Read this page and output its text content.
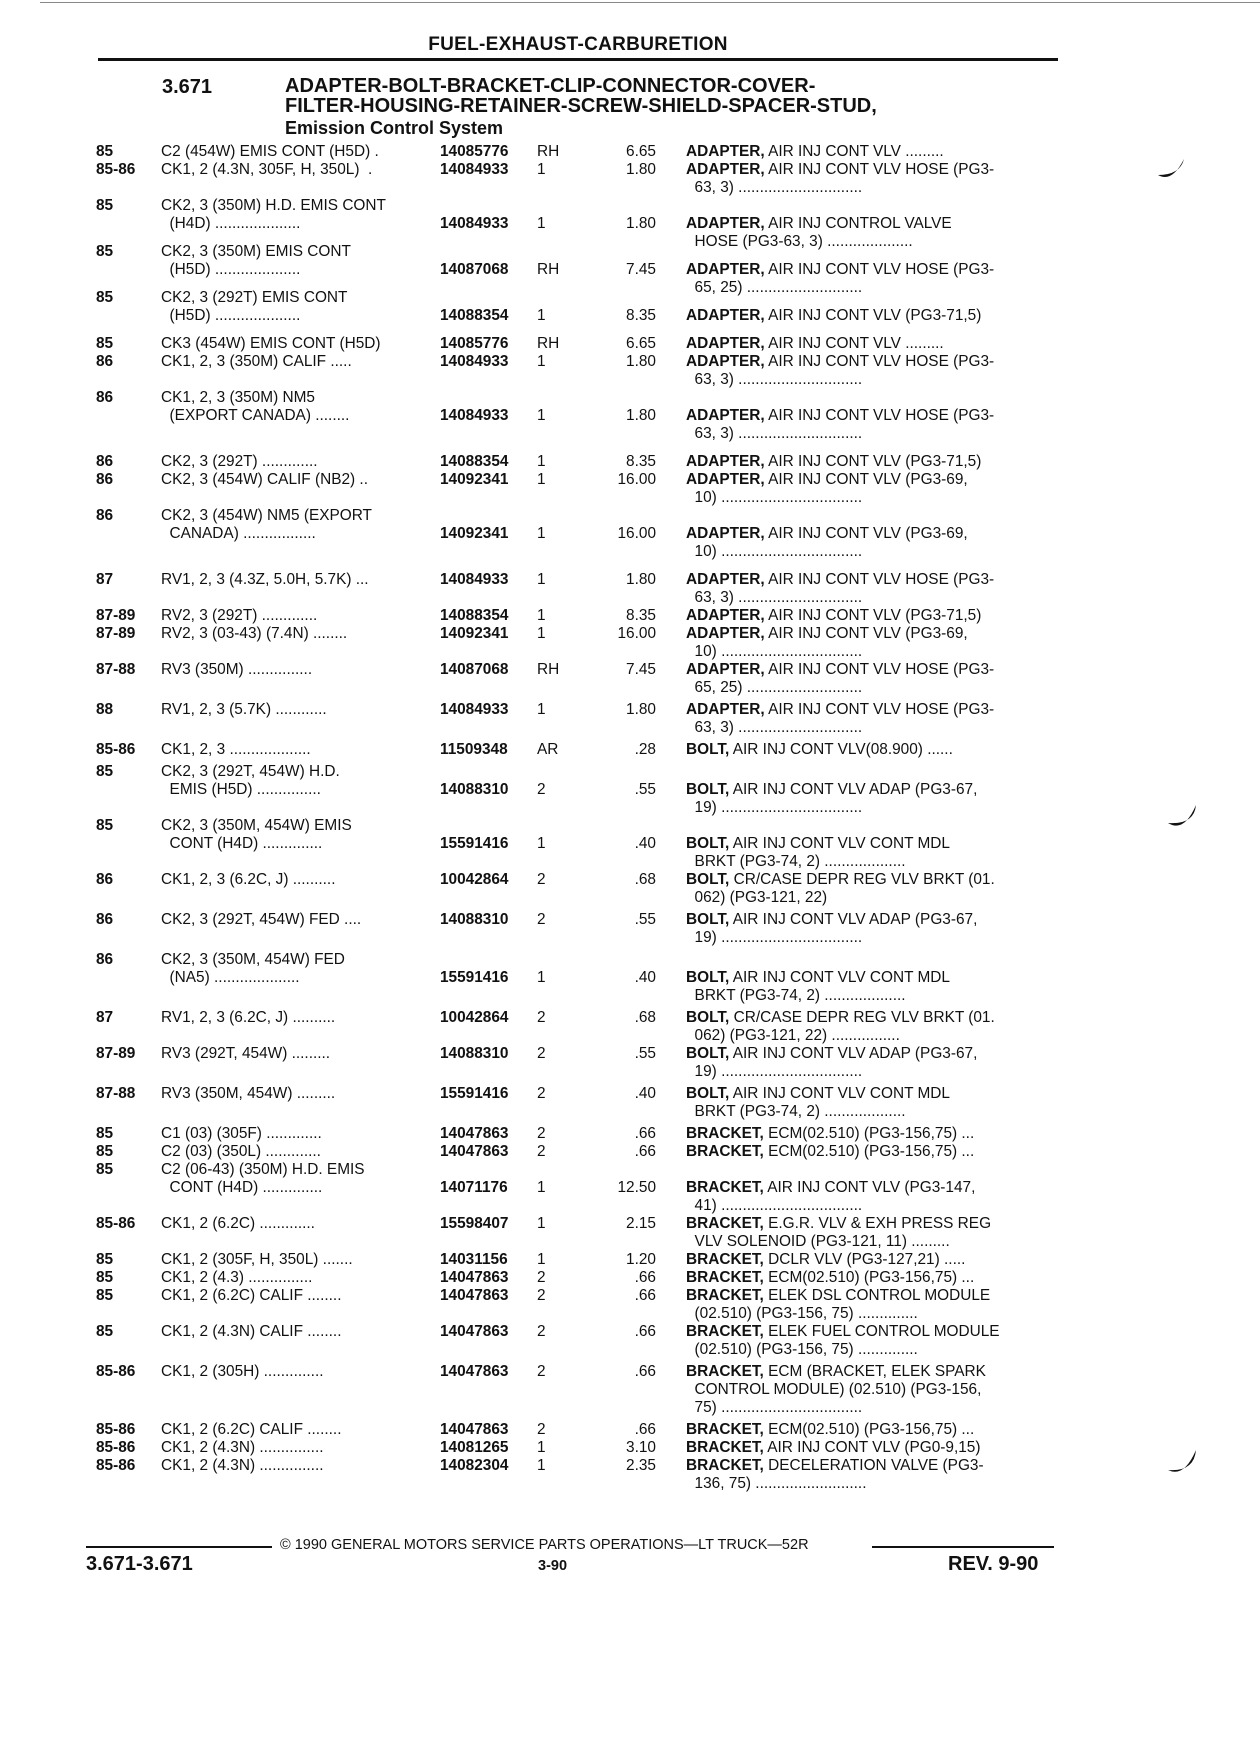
FUEL-EXHAUST-CARBURETION
3.671	ADAPTER-BOLT-BRACKET-CLIP-CONNECTOR-COVER-
FILTER-HOUSING-RETAINER-SCREW-SHIELD-SPACER-STUD,
Emission Control System
85	C2 (454W) EMIS CONT (H5D) .	14085776	RH	6.65 ADAPTER, AIR INJ CONT VLV .........
85-86	CK1, 2 (4.3N, 305F, H, 350L)  .	14084933	1	1.80 ADAPTER, AIR INJ CONT VLV HOSE (PG3-
63, 3) .............................
85	CK2, 3 (350M) H.D. EMIS CONT
(H4D) ....................	14084933	1	1.80 ADAPTER, AIR INJ CONTROL VALVE
HOSE (PG3-63, 3) ....................
85	CK2, 3 (350M) EMIS CONT
(H5D) ....................	14087068	RH	7.45 ADAPTER, AIR INJ CONT VLV HOSE (PG3-
65, 25) ...........................
85	CK2, 3 (292T) EMIS CONT
(H5D) ....................	14088354	1	8.35 ADAPTER, AIR INJ CONT VLV (PG3-71,5)
85	CK3 (454W) EMIS CONT (H5D)	14085776	RH	6.65 ADAPTER, AIR INJ CONT VLV .........
86	CK1, 2, 3 (350M) CALIF .....	14084933	1	1.80 ADAPTER, AIR INJ CONT VLV HOSE (PG3-
63, 3) .............................
86	CK1, 2, 3 (350M) NM5
(EXPORT CANADA) ........	14084933	1	1.80 ADAPTER, AIR INJ CONT VLV HOSE (PG3-
63, 3) .............................
86	CK2, 3 (292T) .............	14088354	1	8.35 ADAPTER, AIR INJ CONT VLV (PG3-71,5)
86	CK2, 3 (454W) CALIF (NB2) ..	14092341	1	16.00 ADAPTER, AIR INJ CONT VLV (PG3-69,
10) .................................
86	CK2, 3 (454W) NM5 (EXPORT
CANADA) .................	14092341	1	16.00 ADAPTER, AIR INJ CONT VLV (PG3-69,
10) .................................
87	RV1, 2, 3 (4.3Z, 5.0H, 5.7K) ...	14084933	1	1.80 ADAPTER, AIR INJ CONT VLV HOSE (PG3-
63, 3) .............................
87-89	RV2, 3 (292T) .............	14088354	1	8.35 ADAPTER, AIR INJ CONT VLV (PG3-71,5)
87-89	RV2, 3 (03-43) (7.4N) ........	14092341	1	16.00 ADAPTER, AIR INJ CONT VLV (PG3-69,
10) .................................
87-88	RV3 (350M) ...............	14087068	RH	7.45 ADAPTER, AIR INJ CONT VLV HOSE (PG3-
65, 25) ...........................
88	RV1, 2, 3 (5.7K) ............	14084933	1	1.80 ADAPTER, AIR INJ CONT VLV HOSE (PG3-
63, 3) .............................
85-86	CK1, 2, 3 ...................	11509348	AR	.28 BOLT, AIR INJ CONT VLV(08.900) ......
85	CK2, 3 (292T, 454W) H.D.
EMIS (H5D) ...............	14088310	2	.55 BOLT, AIR INJ CONT VLV ADAP (PG3-67,
19) .................................
85	CK2, 3 (350M, 454W) EMIS
CONT (H4D) ..............	15591416	1	.40 BOLT, AIR INJ CONT VLV CONT MDL
BRKT (PG3-74, 2) ...................
86	CK1, 2, 3 (6.2C, J) ..........	10042864	2	.68 BOLT, CR/CASE DEPR REG VLV BRKT (01.
062) (PG3-121, 22)
86	CK2, 3 (292T, 454W) FED ....	14088310	2	.55 BOLT, AIR INJ CONT VLV ADAP (PG3-67,
19) .................................
86	CK2, 3 (350M, 454W) FED
(NA5) ....................	15591416	1	.40 BOLT, AIR INJ CONT VLV CONT MDL
BRKT (PG3-74, 2) ...................
87	RV1, 2, 3 (6.2C, J) ..........	10042864	2	.68 BOLT, CR/CASE DEPR REG VLV BRKT (01.
062) (PG3-121, 22) ................
87-89	RV3 (292T, 454W) .........	14088310	2	.55 BOLT, AIR INJ CONT VLV ADAP (PG3-67,
19) .................................
87-88	RV3 (350M, 454W) .........	15591416	2	.40 BOLT, AIR INJ CONT VLV CONT MDL
BRKT (PG3-74, 2) ...................
85	C1 (03) (305F) .............	14047863	2	.66 BRACKET, ECM(02.510) (PG3-156,75) ...
85	C2 (03) (350L) .............	14047863	2	.66 BRACKET, ECM(02.510) (PG3-156,75) ...
85	C2 (06-43) (350M) H.D. EMIS
CONT (H4D) ..............	14071176	1	12.50 BRACKET, AIR INJ CONT VLV (PG3-147,
41) .................................
85-86	CK1, 2 (6.2C) .............	15598407	1	2.15 BRACKET, E.G.R. VLV & EXH PRESS REG
VLV SOLENOID (PG3-121, 11) .........
85	CK1, 2 (305F, H, 350L) .......	14031156	1	1.20 BRACKET, DCLR VLV (PG3-127,21) .....
85	CK1, 2 (4.3) ...............	14047863	2	.66 BRACKET, ECM(02.510) (PG3-156,75) ...
85	CK1, 2 (6.2C) CALIF ........	14047863	2	.66 BRACKET, ELEK DSL CONTROL MODULE
(02.510) (PG3-156, 75) ..............
85	CK1, 2 (4.3N) CALIF ........	14047863	2	.66 BRACKET, ELEK FUEL CONTROL MODULE
(02.510) (PG3-156, 75) ..............
85-86	CK1, 2 (305H) ..............	14047863	2	.66 BRACKET, ECM (BRACKET, ELEK SPARK
CONTROL MODULE) (02.510) (PG3-156,
75) .................................
85-86	CK1, 2 (6.2C) CALIF ........	14047863	2	.66 BRACKET, ECM(02.510) (PG3-156,75) ...
85-86	CK1, 2 (4.3N) ...............	14081265	1	3.10 BRACKET, AIR INJ CONT VLV (PG0-9,15)
85-86	CK1, 2 (4.3N) ...............	14082304	1	2.35 BRACKET, DECELERATION VALVE (PG3-
136, 75) ..........................
© 1990 GENERAL MOTORS SERVICE PARTS OPERATIONS—LT TRUCK—52R
3.671-3.671	3-90	REV. 9-90
